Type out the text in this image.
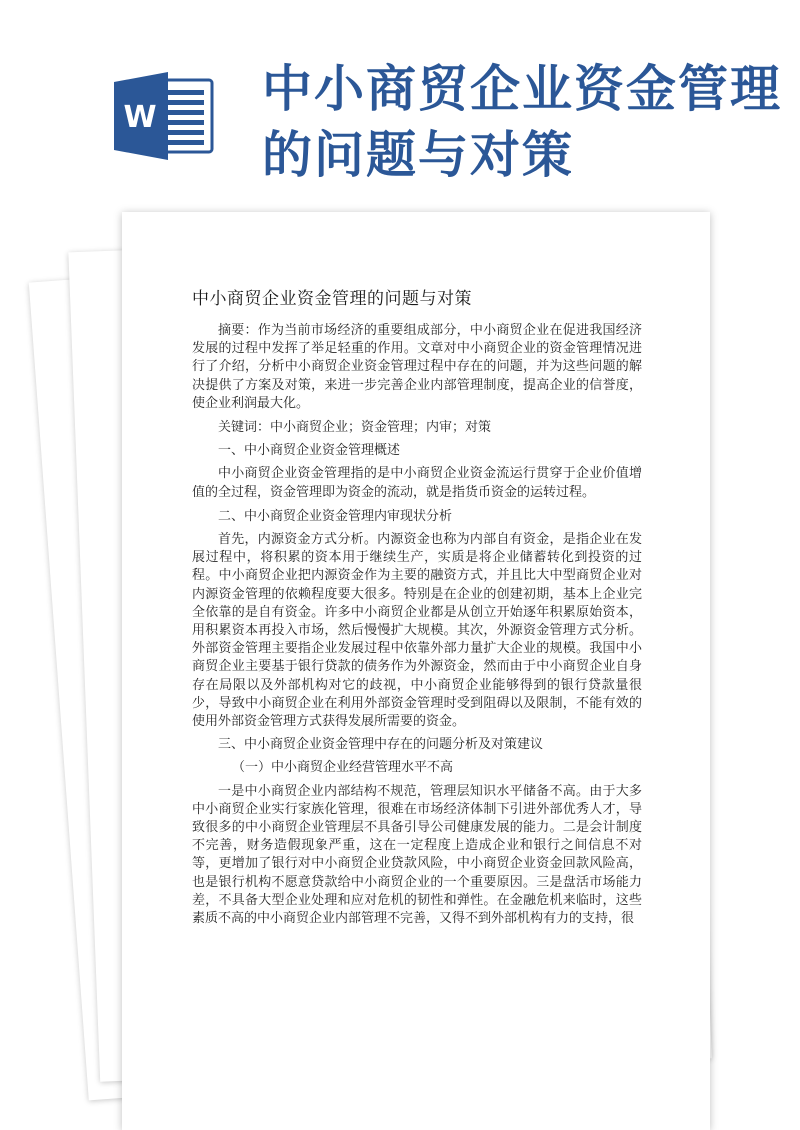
W 中小商贸企业资金管理
的问题与对策
中小商贸企业资金管理的问题与对策

摘要：作为当前市场经济的重要组成部分，中小商贸企业在促进我国经济发展的过程中发挥了举足轻重的作用。文章对中小商贸企业的资金管理情况进行了介绍，分析中小商贸企业资金管理过程中存在的问题，并为这些问题的解决提供了方案及对策，来进一步完善企业内部管理制度，提高企业的信誉度，使企业利润最大化。

关键词：中小商贸企业；资金管理；内审；对策

一、中小商贸企业资金管理概述

中小商贸企业资金管理指的是中小商贸企业资金流运行贯穿于企业价值增值的全过程，资金管理即为资金的流动，就是指货币资金的运转过程。

二、中小商贸企业资金管理内审现状分析

首先，内源资金方式分析。内源资金也称为内部自有资金，是指企业在发展过程中，将积累的资本用于继续生产，实质是将企业储蓄转化到投资的过程。中小商贸企业把内源资金作为主要的融资方式，并且比大中型商贸企业对内源资金管理的依赖程度要大很多。特别是在企业的创建初期，基本上企业完全依靠的是自有资金。许多中小商贸企业都是从创立开始逐年积累原始资本，用积累资本再投入市场，然后慢慢扩大规模。其次，外源资金管理方式分析。外部资金管理主要指企业发展过程中依靠外部力量扩大企业的规模。我国中小商贸企业主要基于银行贷款的债务作为外源资金，然而由于中小商贸企业自身存在局限以及外部机构对它的歧视，中小商贸企业能够得到的银行贷款量很少，导致中小商贸企业在利用外部资金管理时受到阻碍以及限制，不能有效的使用外部资金管理方式获得发展所需要的资金。

三、中小商贸企业资金管理中存在的问题分析及对策建议

（一）中小商贸企业经营管理水平不高

一是中小商贸企业内部结构不规范，管理层知识水平储备不高。由于大多中小商贸企业实行家族化管理，很难在市场经济体制下引进外部优秀人才，导致很多的中小商贸企业管理层不具备引导公司健康发展的能力。二是会计制度不完善，财务造假现象严重，这在一定程度上造成企业和银行之间信息不对等，更增加了银行对中小商贸企业贷款风险，中小商贸企业资金回款风险高，也是银行机构不愿意贷款给中小商贸企业的一个重要原因。三是盘活市场能力差，不具备大型企业处理和应对危机的韧性和弹性。在金融危机来临时，这些素质不高的中小商贸企业内部管理不完善，又得不到外部机构有力的支持，很
